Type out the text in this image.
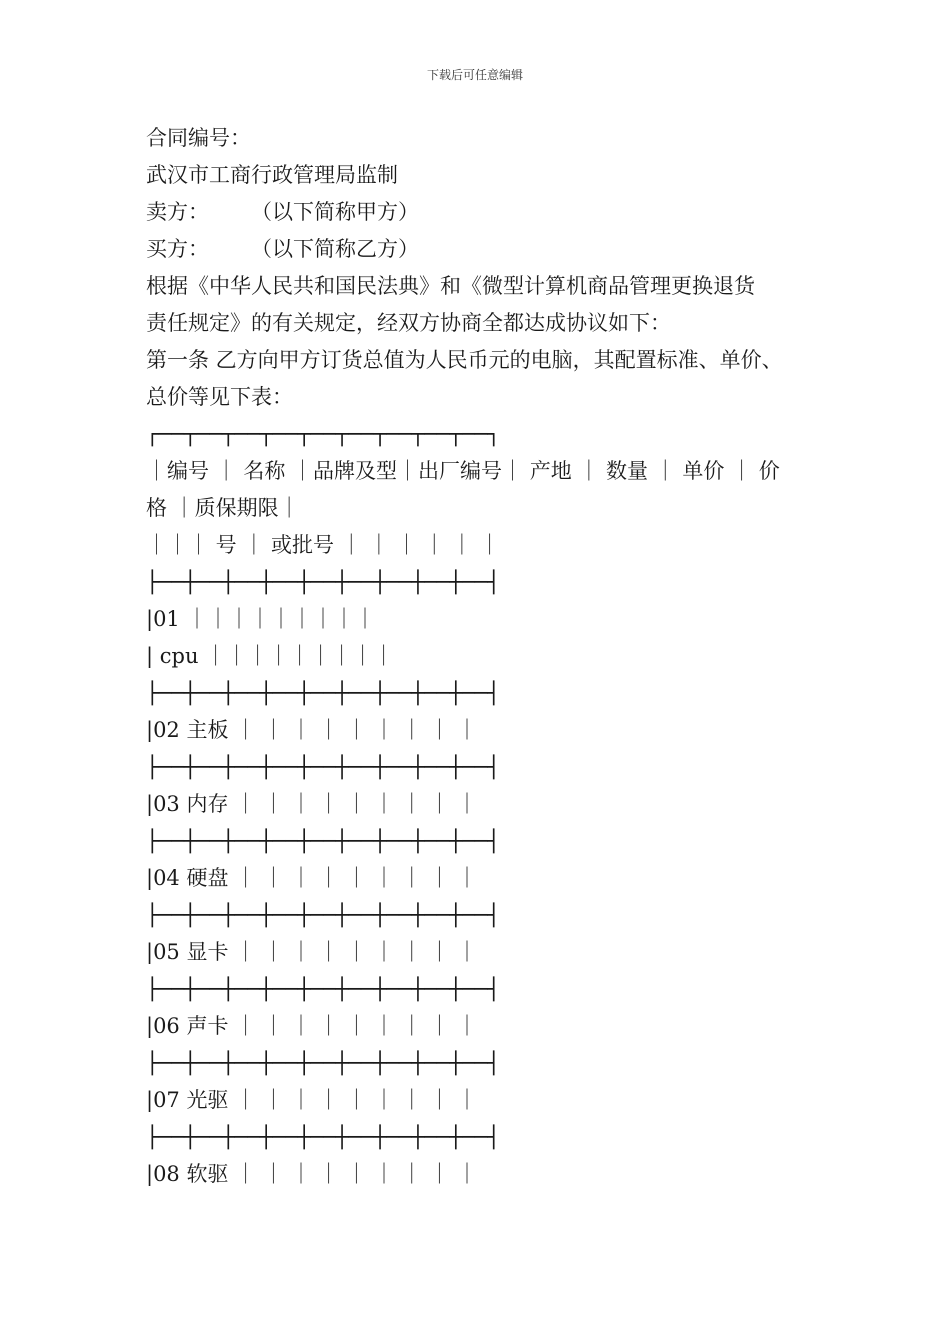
下载后可任意编辑
合同编号：
武汉市工商行政管理局监制
卖方：　　　（以下简称甲方）
买方：　　　（以下简称乙方）
根据《中华人民共和国民法典》和《微型计算机商品管理更换退货
责任规定》的有关规定，经双方协商全都达成协议如下：
第一条 乙方向甲方订货总值为人民币元的电脑，其配置标准、单价、
总价等见下表：
┌──┬──┬──┬──┬──┬──┬──┬──┬──┐
｜编号 ｜ 名称 ｜品牌及型｜出厂编号｜ 产地 ｜ 数量 ｜ 单价 ｜ 价
格 ｜质保期限｜
｜｜｜ 号 ｜ 或批号 ｜ ｜ ｜ ｜ ｜ ｜
├──┼──┼──┼──┼──┼──┼──┼──┼──┤
|01 ｜｜｜｜｜｜｜｜｜
| cpu ｜｜｜｜｜｜｜｜｜
├──┼──┼──┼──┼──┼──┼──┼──┼──┤
|02 主板 ｜ ｜ ｜ ｜ ｜ ｜ ｜ ｜ ｜
├──┼──┼──┼──┼──┼──┼──┼──┼──┤
|03 内存 ｜ ｜ ｜ ｜ ｜ ｜ ｜ ｜ ｜
├──┼──┼──┼──┼──┼──┼──┼──┼──┤
|04 硬盘 ｜ ｜ ｜ ｜ ｜ ｜ ｜ ｜ ｜
├──┼──┼──┼──┼──┼──┼──┼──┼──┤
|05 显卡 ｜ ｜ ｜ ｜ ｜ ｜ ｜ ｜ ｜
├──┼──┼──┼──┼──┼──┼──┼──┼──┤
|06 声卡 ｜ ｜ ｜ ｜ ｜ ｜ ｜ ｜ ｜
├──┼──┼──┼──┼──┼──┼──┼──┼──┤
|07 光驱 ｜ ｜ ｜ ｜ ｜ ｜ ｜ ｜ ｜
├──┼──┼──┼──┼──┼──┼──┼──┼──┤
|08 软驱 ｜ ｜ ｜ ｜ ｜ ｜ ｜ ｜ ｜
